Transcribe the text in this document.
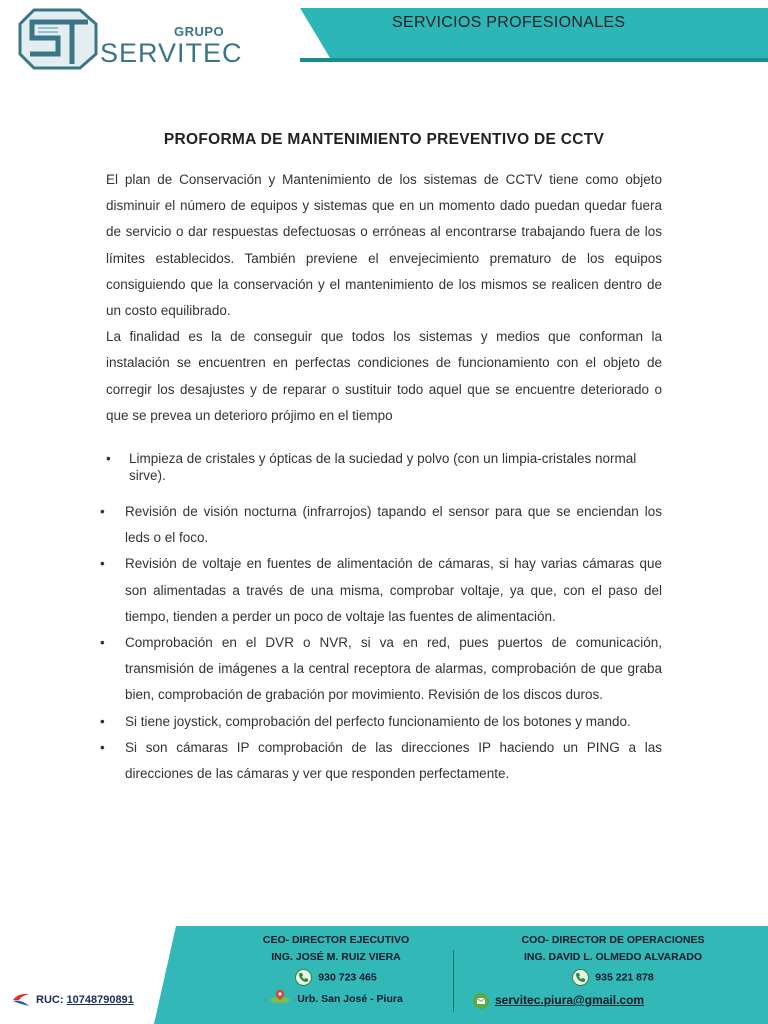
GRUPO
SERVITEC
SERVICIOS PROFESIONALES
PROFORMA DE MANTENIMIENTO PREVENTIVO DE CCTV

El plan de Conservación y Mantenimiento de los sistemas de CCTV tiene como objeto disminuir el número de equipos y sistemas que en un momento dado puedan quedar fuera de servicio o dar respuestas defectuosas o erróneas al encontrarse trabajando fuera de los límites establecidos. También previene el envejecimiento prematuro de los equipos consiguiendo que la conservación y el mantenimiento de los mismos se realicen dentro de un costo equilibrado.

La finalidad es la de conseguir que todos los sistemas y medios que conforman la instalación se encuentren en perfectas condiciones de funcionamiento con el objeto de corregir los desajustes y de reparar o sustituir todo aquel que se encuentre deteriorado o que se prevea un deterioro prójimo en el tiempo

• Limpieza de cristales y ópticas de la suciedad y polvo (con un limpia-cristales normal sirve).
• Revisión de visión nocturna (infrarrojos) tapando el sensor para que se enciendan los leds o el foco.
• Revisión de voltaje en fuentes de alimentación de cámaras, si hay varias cámaras que son alimentadas a través de una misma, comprobar voltaje, ya que, con el paso del tiempo, tienden a perder un poco de voltaje las fuentes de alimentación.
• Comprobación en el DVR o NVR, si va en red, pues puertos de comunicación, transmisión de imágenes a la central receptora de alarmas, comprobación de que graba bien, comprobación de grabación por movimiento. Revisión de los discos duros.
• Si tiene joystick, comprobación del perfecto funcionamiento de los botones y mando.
• Si son cámaras IP comprobación de las direcciones IP haciendo un PING a las direcciones de las cámaras y ver que responden perfectamente.
CEO- DIRECTOR EJECUTIVO
ING. JOSÉ M. RUIZ VIERA
930 723 465
Urb. San José - Piura
COO- DIRECTOR DE OPERACIONES
ING. DAVID L. OLMEDO ALVARADO
935 221 878
servitec.piura@gmail.com
RUC: 10748790891
